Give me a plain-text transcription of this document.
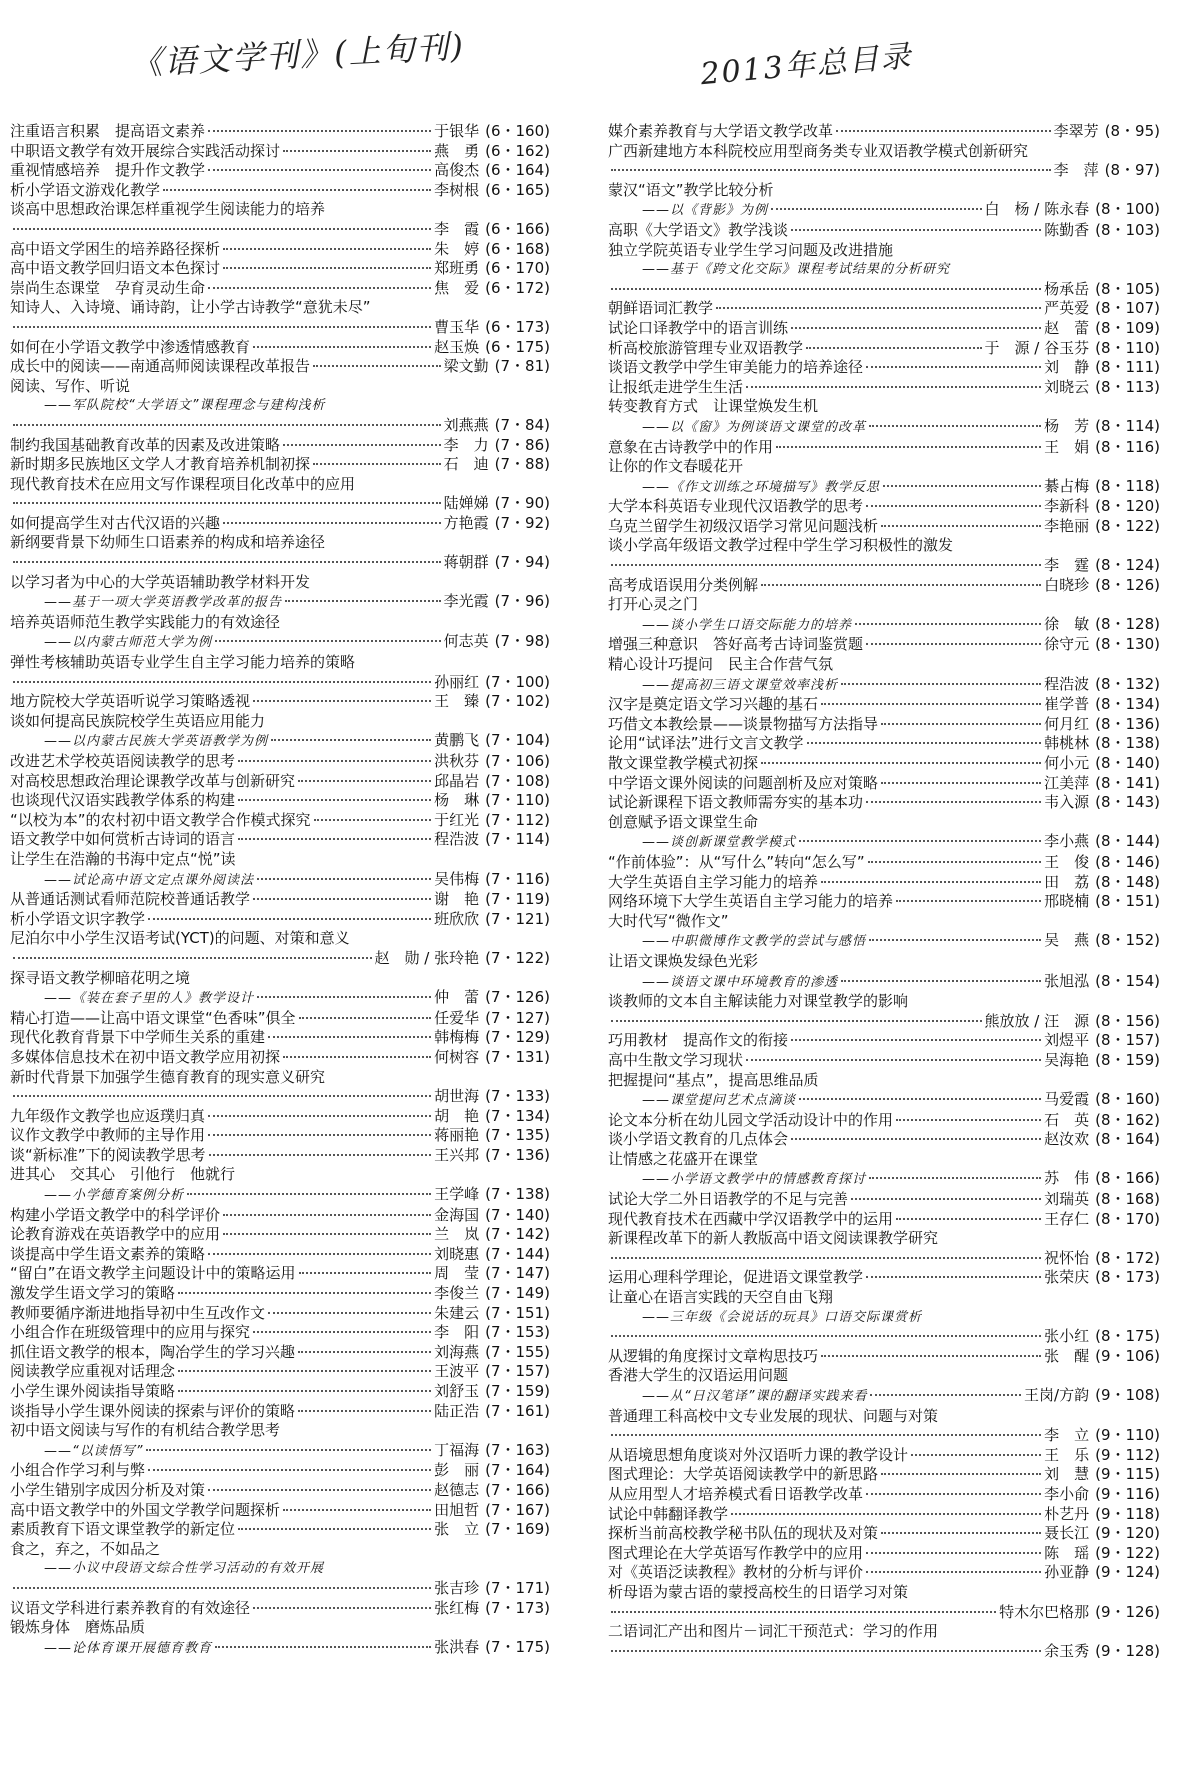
《语文学刊》(上旬刊)	2013年总目录
注重语言积累　提高语文素养	于银华 (6・160)
中职语文教学有效开展综合实践活动探讨	燕　勇 (6・162)
重视情感培养　提升作文教学	高俊杰 (6・164)
析小学语文游戏化教学	李树根 (6・165)
谈高中思想政治课怎样重视学生阅读能力的培养
李　霞 (6・166)
高中语文学困生的培养路径探析	朱　婷 (6・168)
高中语文教学回归语文本色探讨	郑班勇 (6・170)
崇尚生态课堂　孕育灵动生命	焦　爱 (6・172)
知诗人、入诗境、诵诗韵，让小学古诗教学“意犹未尽”
曹玉华 (6・173)
如何在小学语文教学中渗透情感教育	赵玉焕 (6・175)
成长中的阅读——南通高师阅读课程改革报告	梁文勤 (7・81)
阅读、写作、听说
—— 军队院校“大学语文”课程理念与建构浅析
刘燕燕 (7・84)
制约我国基础教育改革的因素及改进策略	李　力 (7・86)
新时期多民族地区文学人才教育培养机制初探	石　迪 (7・88)
现代教育技术在应用文写作课程项目化改革中的应用
陆婵娣 (7・90)
如何提高学生对古代汉语的兴趣	方艳霞 (7・92)
新纲要背景下幼师生口语素养的构成和培养途径
蒋朝群 (7・94)
以学习者为中心的大学英语辅助教学材料开发
—— 基于一项大学英语教学改革的报告	李光霞 (7・96)
培养英语师范生教学实践能力的有效途径
—— 以内蒙古师范大学为例	何志英 (7・98)
弹性考核辅助英语专业学生自主学习能力培养的策略
孙丽红 (7・100)
地方院校大学英语听说学习策略透视	王　臻 (7・102)
谈如何提高民族院校学生英语应用能力
—— 以内蒙古民族大学英语教学为例	黄鹏飞 (7・104)
改进艺术学校英语阅读教学的思考	洪秋芬 (7・106)
对高校思想政治理论课教学改革与创新研究	邱晶岩 (7・108)
也谈现代汉语实践教学体系的构建	杨　琳 (7・110)
“以校为本”的农村初中语文教学合作模式探究	于红光 (7・112)
语文教学中如何赏析古诗词的语言	程浩波 (7・114)
让学生在浩瀚的书海中定点“悦”读
—— 试论高中语文定点课外阅读法	吴伟梅 (7・116)
从普通话测试看师范院校普通话教学	谢　艳 (7・119)
析小学语文识字教学	班欣欣 (7・121)
尼泊尔中小学生汉语考试(YCT)的问题、对策和意义
赵　勋 / 张玲艳 (7・122)
探寻语文教学柳暗花明之境
—— 《装在套子里的人》教学设计	仲　蕾 (7・126)
精心打造——让高中语文课堂“色香味”俱全	任爱华 (7・127)
现代化教育背景下中学师生关系的重建	韩梅梅 (7・129)
多媒体信息技术在初中语文教学应用初探	何树容 (7・131)
新时代背景下加强学生德育教育的现实意义研究
胡世海 (7・133)
九年级作文教学也应返璞归真	胡　艳 (7・134)
议作文教学中教师的主导作用	蒋丽艳 (7・135)
谈“新标准”下的阅读教学思考	王兴邦 (7・136)
进其心　交其心　引他行　他就行
—— 小学德育案例分析	王学峰 (7・138)
构建小学语文教学中的科学评价	金海国 (7・140)
论教育游戏在英语教学中的应用	兰　岚 (7・142)
谈提高中学生语文素养的策略	刘晓惠 (7・144)
“留白”在语文教学主问题设计中的策略运用	周　莹 (7・147)
激发学生语文学习的策略	李俊兰 (7・149)
教师要循序渐进地指导初中生互改作文	朱建云 (7・151)
小组合作在班级管理中的应用与探究	李　阳 (7・153)
抓住语文教学的根本，陶冶学生的学习兴趣	刘海燕 (7・155)
阅读教学应重视对话理念	王波平 (7・157)
小学生课外阅读指导策略	刘舒玉 (7・159)
谈指导小学生课外阅读的探索与评价的策略	陆正浩 (7・161)
初中语文阅读与写作的有机结合教学思考
—— “以读悟写”	丁福海 (7・163)
小组合作学习利与弊	彭　丽 (7・164)
小学生错别字成因分析及对策	赵德志 (7・166)
高中语文教学中的外国文学教学问题探析	田旭哲 (7・167)
素质教育下语文课堂教学的新定位	张　立 (7・169)
食之，弃之，不如品之
—— 小议中段语文综合性学习活动的有效开展
张吉珍 (7・171)
议语文学科进行素养教育的有效途径	张红梅 (7・173)
锻炼身体　磨炼品质
—— 论体育课开展德育教育	张洪春 (7・175)
媒介素养教育与大学语文教学改革	李翠芳 (8・95)
广西新建地方本科院校应用型商务类专业双语教学模式创新研究
李　萍 (8・97)
蒙汉“语文”教学比较分析
—— 以《背影》为例	白　杨 / 陈永春 (8・100)
高职《大学语文》教学浅谈	陈勤香 (8・103)
独立学院英语专业学生学习问题及改进措施
—— 基于《跨文化交际》课程考试结果的分析研究
杨承岳 (8・105)
朝鲜语词汇教学	严英爱 (8・107)
试论口译教学中的语言训练	赵　蕾 (8・109)
析高校旅游管理专业双语教学	于　源 / 谷玉芬 (8・110)
谈语文教学中学生审美能力的培养途径	刘　静 (8・111)
让报纸走进学生生活	刘晓云 (8・113)
转变教育方式　让课堂焕发生机
—— 以《窗》为例谈语文课堂的改革	杨　芳 (8・114)
意象在古诗教学中的作用	王　娟 (8・116)
让你的作文春暖花开
—— 《作文训练之环境描写》教学反思	綦占梅 (8・118)
大学本科英语专业现代汉语教学的思考	李新科 (8・120)
乌克兰留学生初级汉语学习常见问题浅析	李艳丽 (8・122)
谈小学高年级语文教学过程中学生学习积极性的激发
李　霆 (8・124)
高考成语误用分类例解	白晓珍 (8・126)
打开心灵之门
—— 谈小学生口语交际能力的培养	徐　敏 (8・128)
增强三种意识　答好高考古诗词鉴赏题	徐守元 (8・130)
精心设计巧提问　民主合作营气氛
—— 提高初三语文课堂效率浅析	程浩波 (8・132)
汉字是奠定语文学习兴趣的基石	崔学普 (8・134)
巧借文本教绘景——谈景物描写方法指导	何月红 (8・136)
论用“试译法”进行文言文教学	韩桃林 (8・138)
散文课堂教学模式初探	何小元 (8・140)
中学语文课外阅读的问题剖析及应对策略	江美萍 (8・141)
试论新课程下语文教师需夯实的基本功	韦入源 (8・143)
创意赋予语文课堂生命
—— 谈创新课堂教学模式	李小燕 (8・144)
“作前体验”：从“写什么”转向“怎么写”	王　俊 (8・146)
大学生英语自主学习能力的培养	田　荔 (8・148)
网络环境下大学生英语自主学习能力的培养	邢晓楠 (8・151)
大时代写“微作文”
—— 中职微博作文教学的尝试与感悟	吴　燕 (8・152)
让语文课焕发绿色光彩
—— 谈语文课中环境教育的渗透	张旭泓 (8・154)
谈教师的文本自主解读能力对课堂教学的影响
熊放放 / 汪　源 (8・156)
巧用教材　提高作文的衔接	刘煜平 (8・157)
高中生散文学习现状	吴海艳 (8・159)
把握提问“基点”，提高思维品质
—— 课堂提问艺术点滴谈	马爱霞 (8・160)
论文本分析在幼儿园文学活动设计中的作用	石　英 (8・162)
谈小学语文教育的几点体会	赵汝欢 (8・164)
让情感之花盛开在课堂
—— 小学语文教学中的情感教育探讨	苏　伟 (8・166)
试论大学二外日语教学的不足与完善	刘瑞英 (8・168)
现代教育技术在西藏中学汉语教学中的运用	王存仁 (8・170)
新课程改革下的新人教版高中语文阅读课教学研究
祝怀怡 (8・172)
运用心理科学理论，促进语文课堂教学	张荣庆 (8・173)
让童心在语言实践的天空自由飞翔
—— 三年级《会说话的玩具》口语交际课赏析
张小红 (8・175)
从逻辑的角度探讨文章构思技巧	张　醒 (9・106)
香港大学生的汉语运用问题
—— 从“日汉笔译”课的翻译实践来看	王岗/方韵 (9・108)
普通理工科高校中文专业发展的现状、问题与对策
李　立 (9・110)
从语境思想角度谈对外汉语听力课的教学设计	王　乐 (9・112)
图式理论：大学英语阅读教学中的新思路	刘　慧 (9・115)
从应用型人才培养模式看日语教学改革	李小俞 (9・116)
试论中韩翻译教学	朴艺丹 (9・118)
探析当前高校教学秘书队伍的现状及对策	聂长江 (9・120)
图式理论在大学英语写作教学中的应用	陈　瑶 (9・122)
对《英语泛读教程》教材的分析与评价	孙亚静 (9・124)
析母语为蒙古语的蒙授高校生的日语学习对策
特木尔巴格那 (9・126)
二语词汇产出和图片－词汇干预范式：学习的作用
余玉秀 (9・128)
